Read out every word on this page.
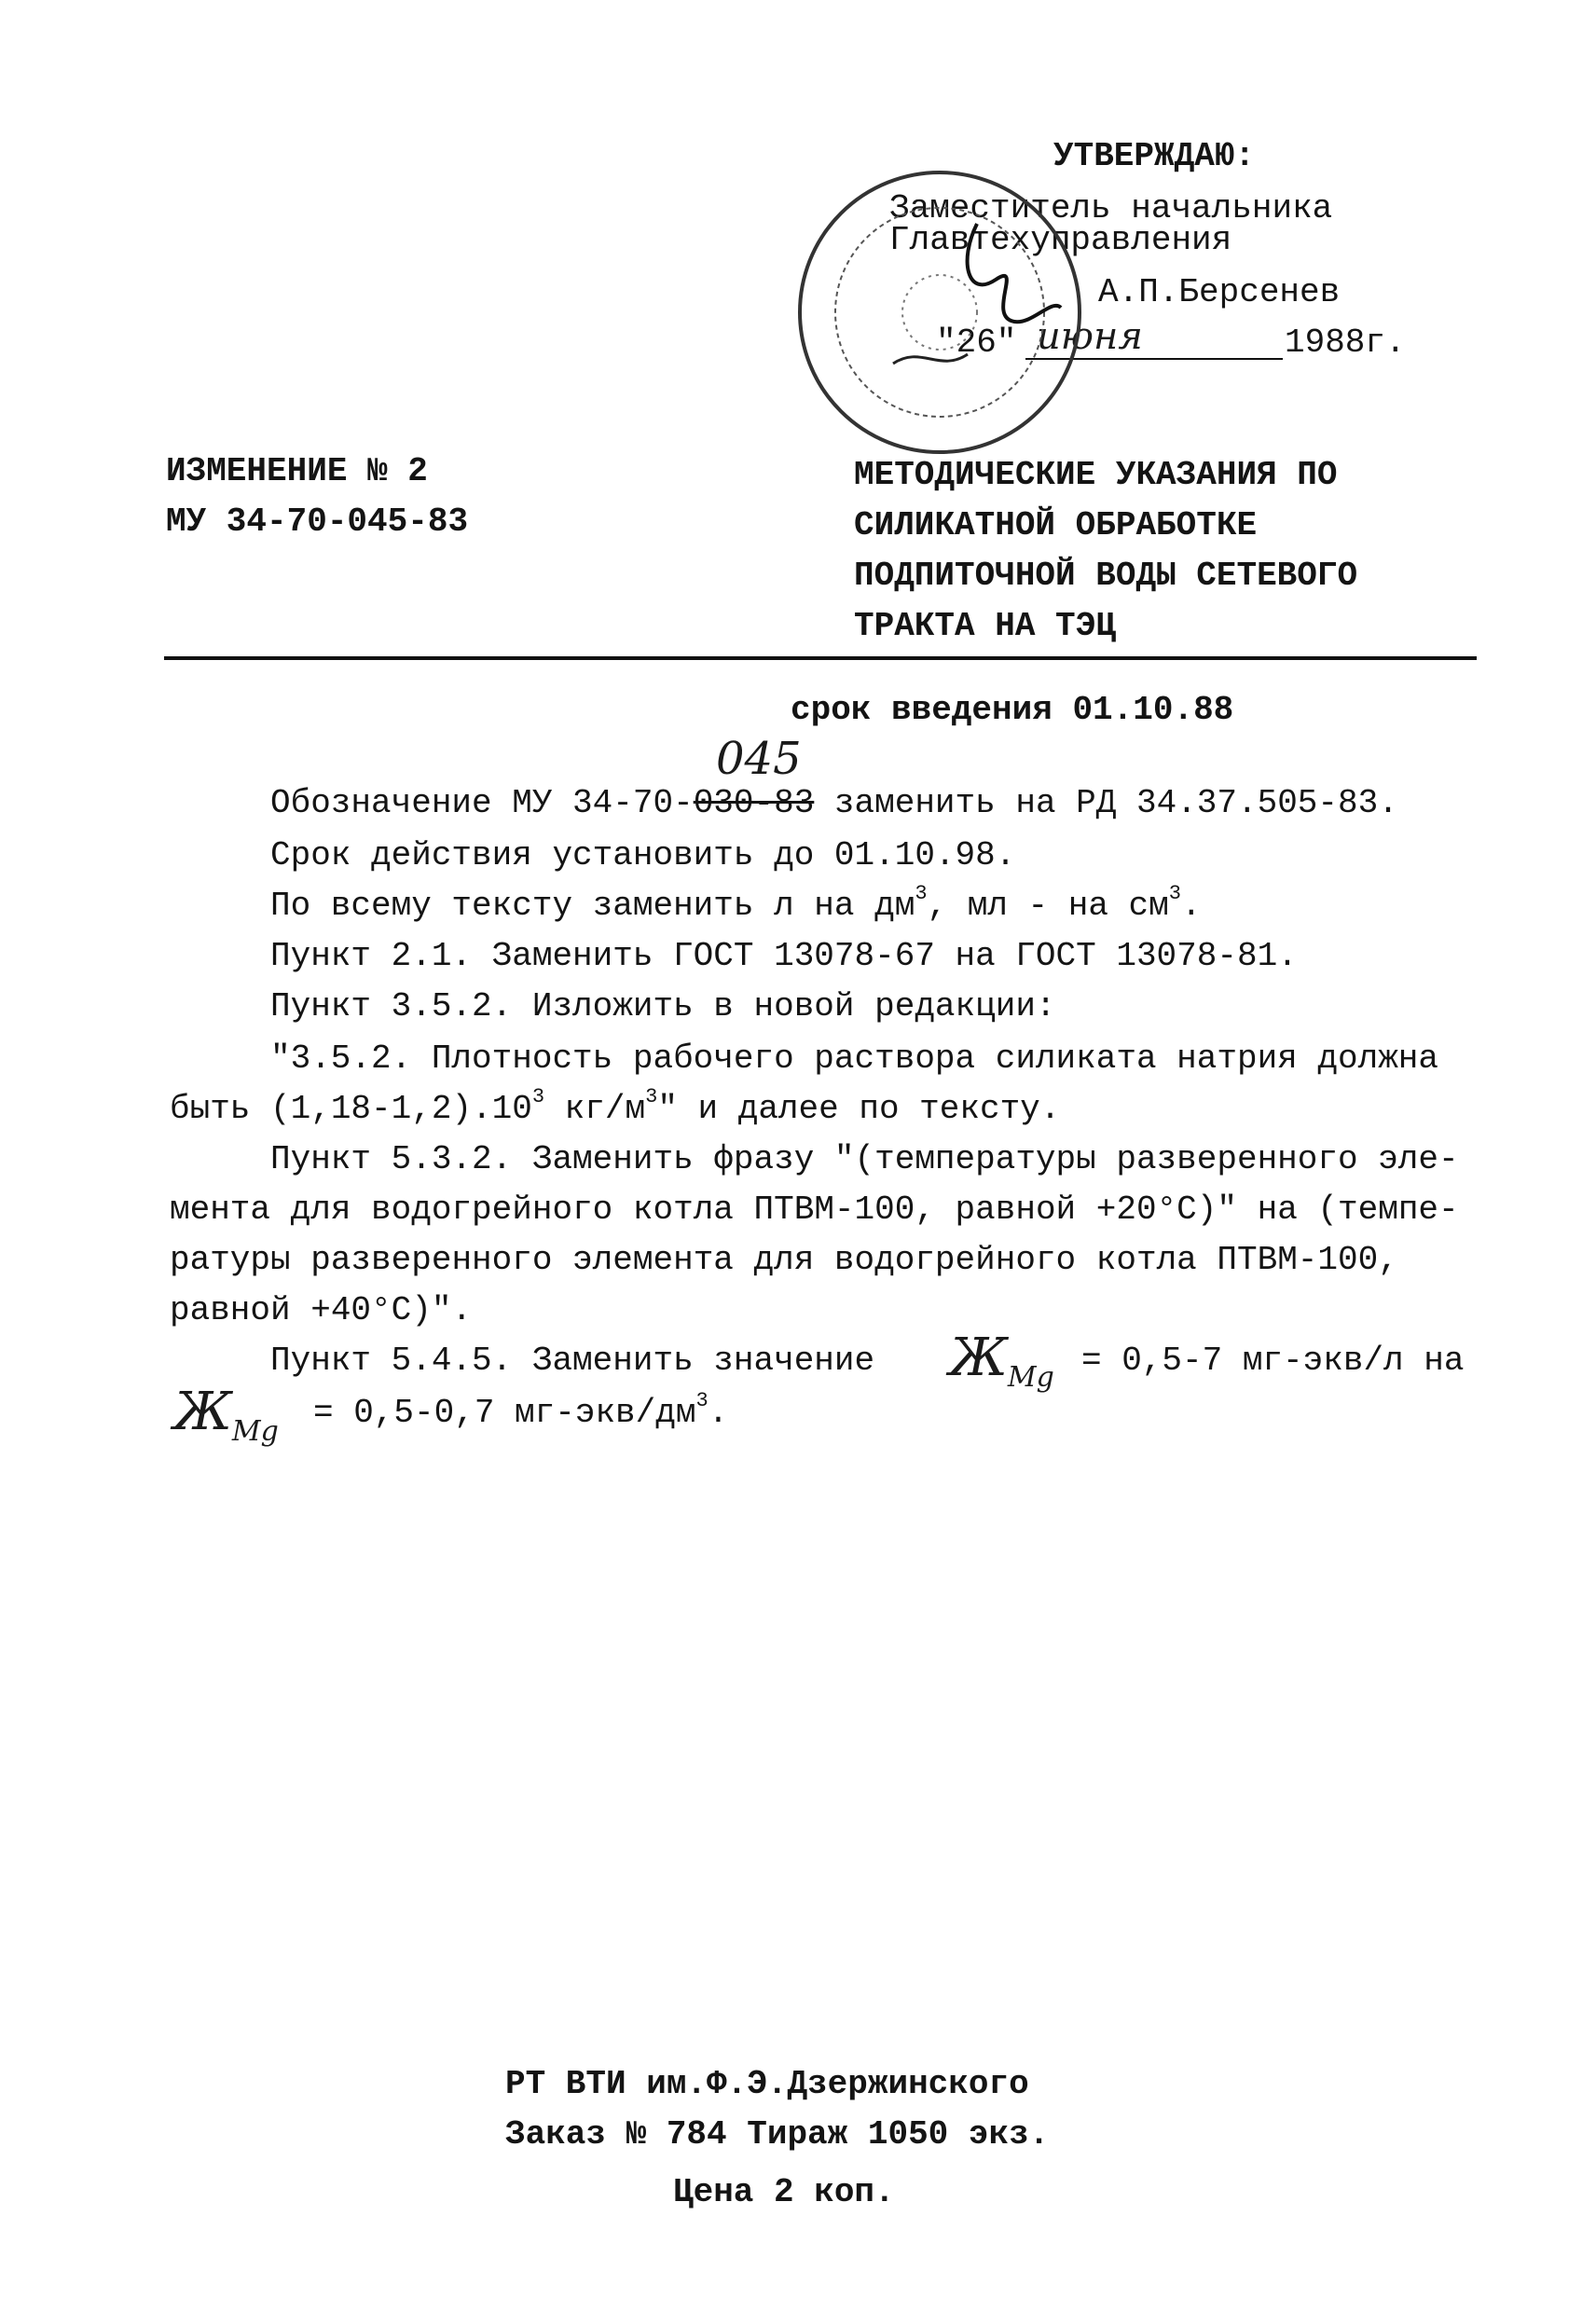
УТВЕРЖДАЮ:
Заместитель начальника
Главтехуправления
А.П.Берсенев
"26" июня	1988г.
ИЗМЕНЕНИЕ № 2
МУ 34-70-045-83
МЕТОДИЧЕСКИЕ УКАЗАНИЯ ПО
СИЛИКАТНОЙ ОБРАБОТКЕ
ПОДПИТОЧНОЙ ВОДЫ СЕТЕВОГО
ТРАКТА НА ТЭЦ
срок введения 01.10.88
045
Обозначение МУ 34-70-030-83 заменить на РД 34.37.505-83.
Срок действия установить до 01.10.98.
По всему тексту заменить л на $дм^3$, мл - на $см^3$.
Пункт 2.1. Заменить ГОСТ 13078-67 на ГОСТ 13078-81.
Пункт 3.5.2. Изложить в новой редакции:
"3.5.2. Плотность рабочего раствора силиката натрия должна
быть $(1,18-1,2).10^3$ $кг/м^3$" и далее по тексту.
Пункт 5.3.2. Заменить фразу "(температуры разверенного эле-
мента для водогрейного котла ПТВМ-100, равной +20°С)" на (темпе-
ратуры разверенного элемента для водогрейного котла ПТВМ-100,
равной +40°С)".
Пункт 5.4.5. Заменить значение $Ж_{Mg} = 0,5-7$ мг-экв/л на
$Ж_{Mg} = 0,5-0,7$ $мг-экв/дм^3$.
РТ ВТИ им.Ф.Э.Дзержинского
Заказ № 784 Тираж 1050 экз.
Цена 2 коп.
